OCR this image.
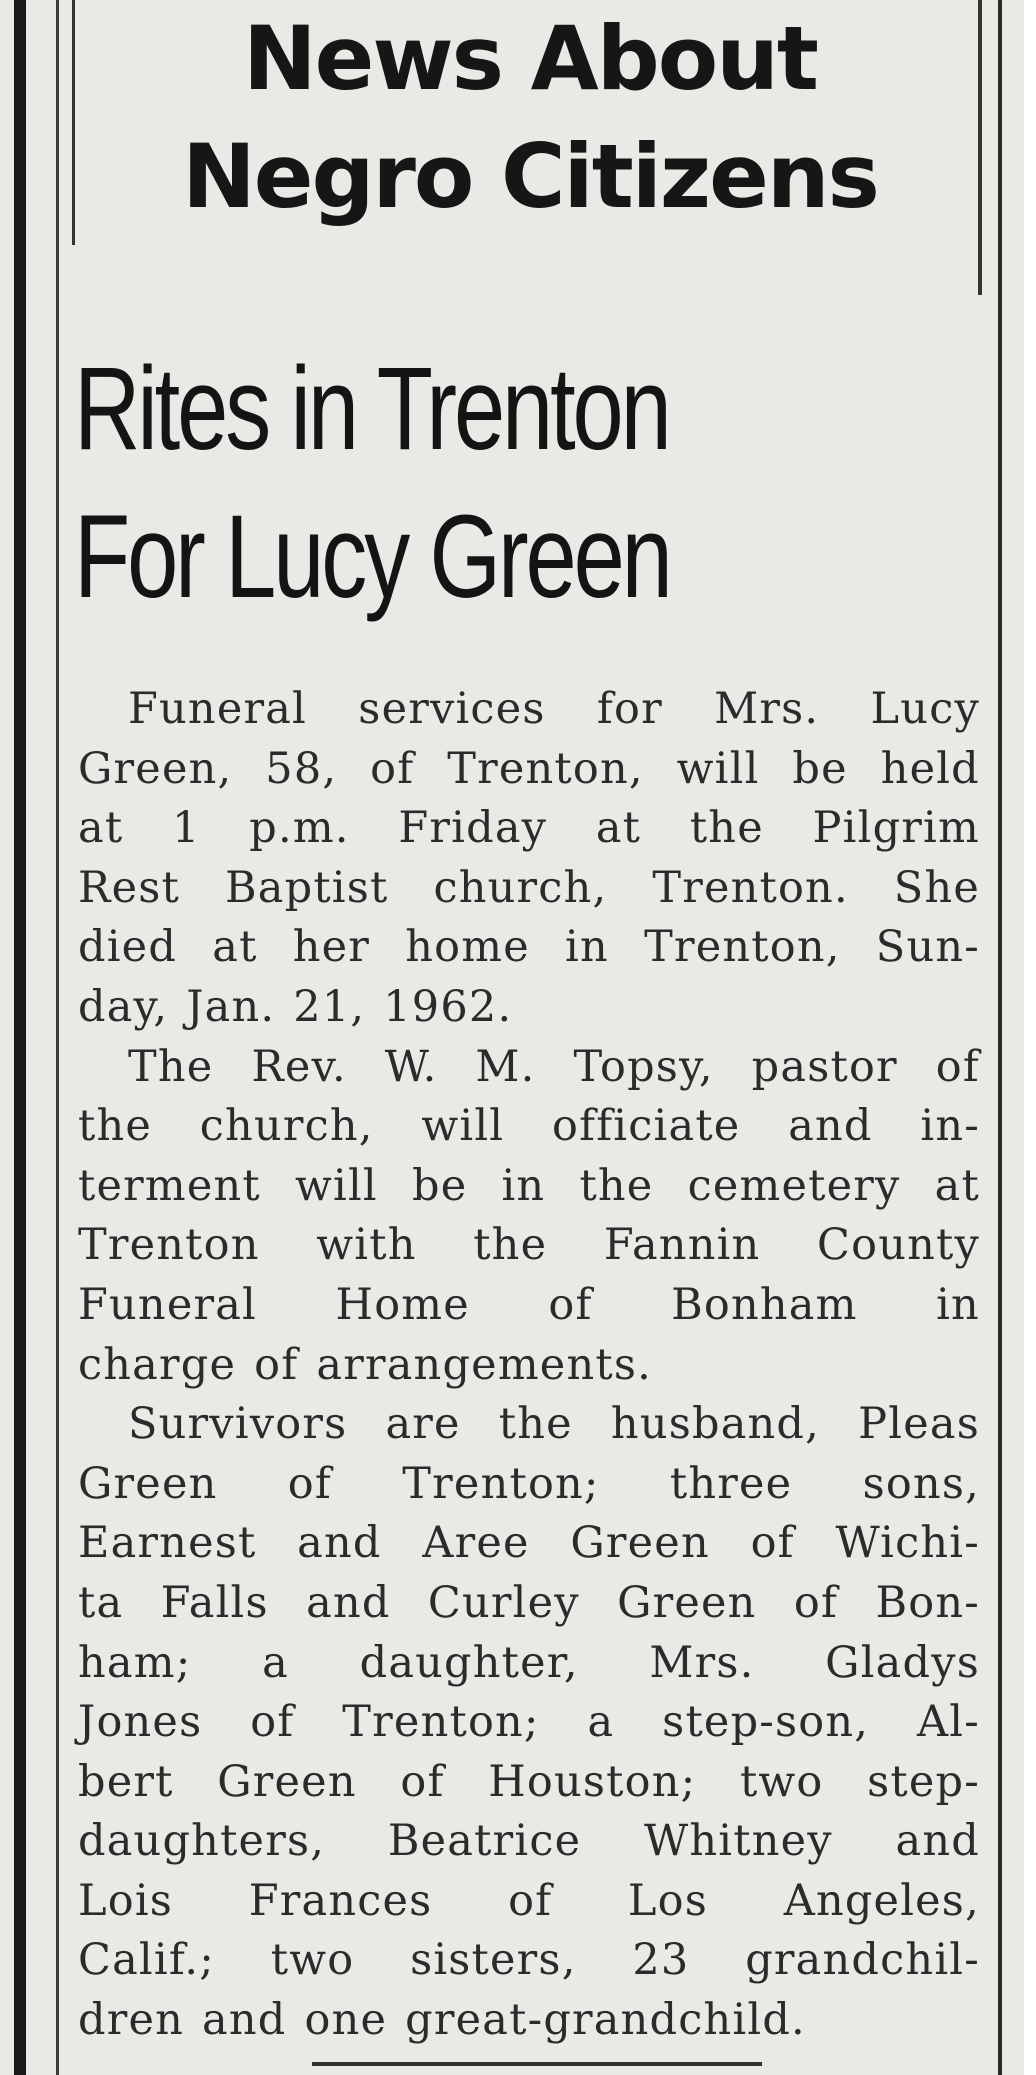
News About
Negro Citizens
Rites in Trenton
For Lucy Green
Funeral services for Mrs. Lucy
Green, 58, of Trenton, will be held
at 1 p.m. Friday at the Pilgrim
Rest Baptist church, Trenton. She
died at her home in Trenton, Sun-
day, Jan. 21, 1962.
The Rev. W. M. Topsy, pastor of
the church, will officiate and in-
terment will be in the cemetery at
Trenton with the Fannin County
Funeral Home of Bonham in
charge of arrangements.
Survivors are the husband, Pleas
Green of Trenton; three sons,
Earnest and Aree Green of Wichi-
ta Falls and Curley Green of Bon-
ham; a daughter, Mrs. Gladys
Jones of Trenton; a step-son, Al-
bert Green of Houston; two step-
daughters, Beatrice Whitney and
Lois Frances of Los Angeles,
Calif.; two sisters, 23 grandchil-
dren and one great-grandchild.
